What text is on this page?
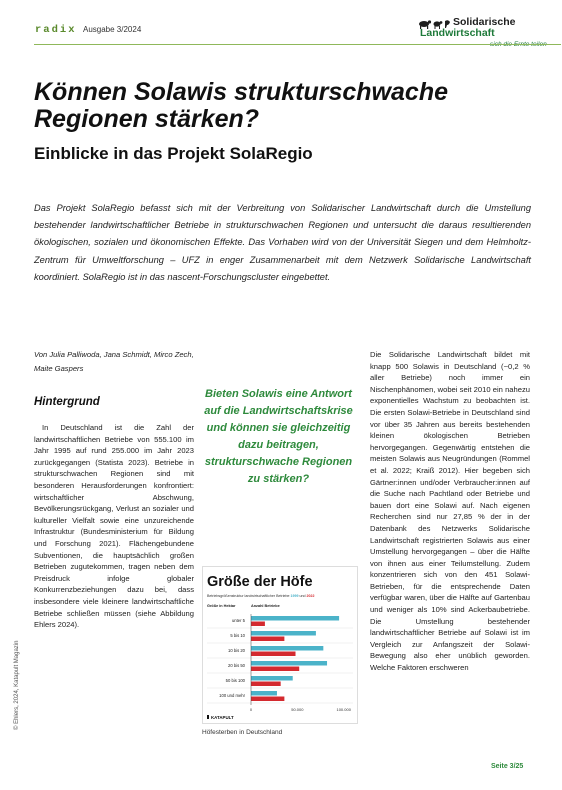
radix Ausgabe 3/2024
Solidarische
Landwirtschaft
Können Solawis strukturschwache Regionen stärken?
Einblicke in das Projekt SolaRegio
Das Projekt SolaRegio befasst sich mit der Verbreitung von Solidarischer Landwirtschaft durch die Umstellung bestehender landwirtschaftlicher Betriebe in strukturschwachen Regionen und untersucht die daraus resultierenden ökologischen, sozialen und ökonomischen Effekte. Das Vorhaben wird von der Universität Siegen und dem Helmholtz-Zentrum für Umweltforschung – UFZ in enger Zusammenarbeit mit dem Netzwerk Solidarische Landwirtschaft koordiniert. SolaRegio ist in das nascent-Forschungscluster eingebettet.
Von Julia Palliwoda, Jana Schmidt, Mirco Zech, Maite Gaspers
Hintergrund
In Deutschland ist die Zahl der landwirtschaftlichen Betriebe von 555.100 im Jahr 1995 auf rund 255.000 im Jahr 2023 zurückgegangen (Statista 2023). Betriebe in strukturschwachen Regionen sind mit besonderen Herausforderungen konfrontiert: wirtschaftlicher Abschwung, Bevölkerungsrückgang, Verlust an sozialer und kultureller Vielfalt sowie eine unzureichende Infrastruktur (Bundesministerium für Bildung und Forschung 2021). Flächengebundene Subventionen, die hauptsächlich großen Betrieben zugutekommen, tragen neben dem Preisdruck infolge globaler Konkurrenzbeziehungen dazu bei, dass insbesondere viele kleinere landwirtschaftliche Betriebe schließen müssen (siehe Abbildung Ehlers 2024).
Bieten Solawis eine Antwort auf die Landwirtschaftskrise und können sie gleichzeitig dazu beitragen, strukturschwache Regionen zu stärken?
Größe der Höfe
Betriebsgrößenstruktur landwirtschaftlicher Betriebe 1999 und 2022
Größe in Hektar	Anzahl Betriebe
unter 5
5 bis 10
10 bis 20
20 bis 50
50 bis 100
100 und mehr
0	50.000	100.000
KATAPULT
Höfesterben in Deutschland
Die Solidarische Landwirtschaft bildet mit knapp 500 Solawis in Deutschland (~0,2 % aller Betriebe) noch immer ein Nischenphänomen, wobei seit 2010 ein nahezu exponentielles Wachstum zu beobachten ist. Die ersten Solawi-Betriebe in Deutschland sind vor über 35 Jahren aus bereits bestehenden kleinen ökologischen Betrieben hervorgegangen. Gegenwärtig entstehen die meisten Solawis aus Neugründungen (Rommel et al. 2022; Kraiß 2012). Hier begeben sich Gärtner:innen und/oder Verbraucher:innen auf die Suche nach Pachtland oder Betriebe und bauen dort eine Solawi auf. Nach eigenen Recherchen sind nur 27,85 % der in der Datenbank des Netzwerks Solidarische Landwirtschaft registrierten Solawis aus einer Umstellung hervorgegangen – über die Hälfte von ihnen aus einer Teilumstellung. Zudem konzentrieren sich von den 451 Solawi-Betrieben, für die entsprechende Daten verfügbar waren, über die Hälfte auf Gartenbau und weniger als 10% sind Ackerbaubetriebe. Die Umstellung bestehender landwirtschaftlicher Betriebe auf Solawi ist im Vergleich zur Anfangszeit der Solawi-Bewegung also eher unüblich geworden. Welche Faktoren erschweren
© Ehlers, 2024, Katapult Magazin
Seite 3/25
